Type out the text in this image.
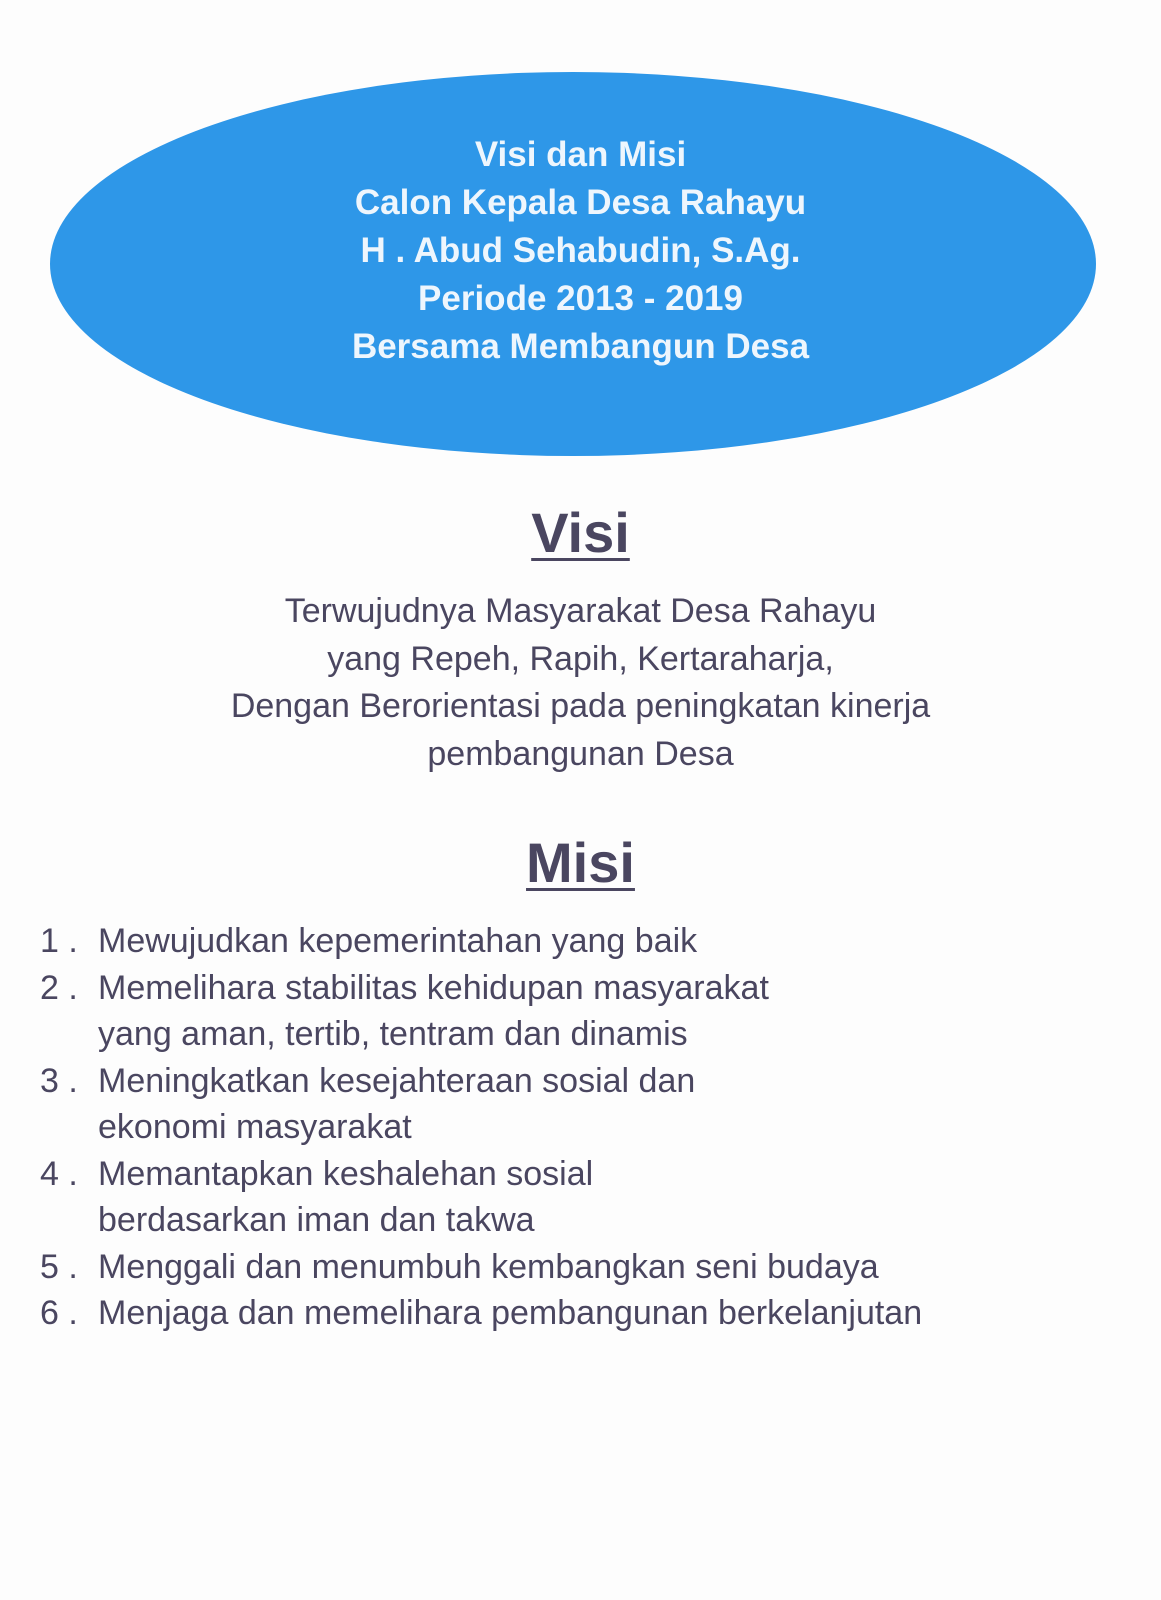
Visi dan Misi
Calon Kepala Desa Rahayu
H . Abud Sehabudin, S.Ag.
Periode 2013 - 2019
Bersama Membangun Desa
Visi
Terwujudnya Masyarakat Desa Rahayu
yang Repeh, Rapih, Kertaraharja,
Dengan Berorientasi pada peningkatan kinerja
pembangunan Desa
Misi
1 . Mewujudkan kepemerintahan yang baik
2 . Memelihara stabilitas kehidupan masyarakat
yang aman, tertib, tentram dan dinamis
3 . Meningkatkan kesejahteraan sosial dan
ekonomi masyarakat
4 . Memantapkan keshalehan sosial
berdasarkan iman dan takwa
5 . Menggali dan menumbuh kembangkan seni budaya
6 . Menjaga dan memelihara pembangunan berkelanjutan
